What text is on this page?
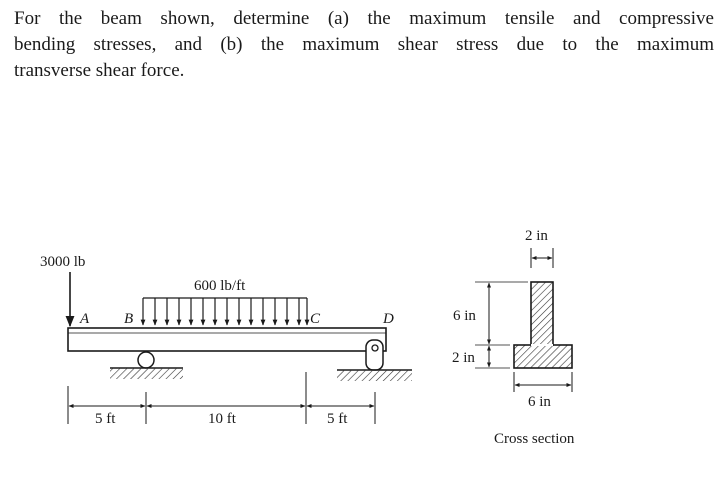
For the beam shown, determine (a) the maximum tensile and compressive
bending stresses, and (b) the maximum shear stress due to the maximum
transverse shear force.
3000 lb
600 lb/ft
A B	C	D
5 ft	10 ft	5 ft
2 in
6 in
2 in
6 in
Cross section
